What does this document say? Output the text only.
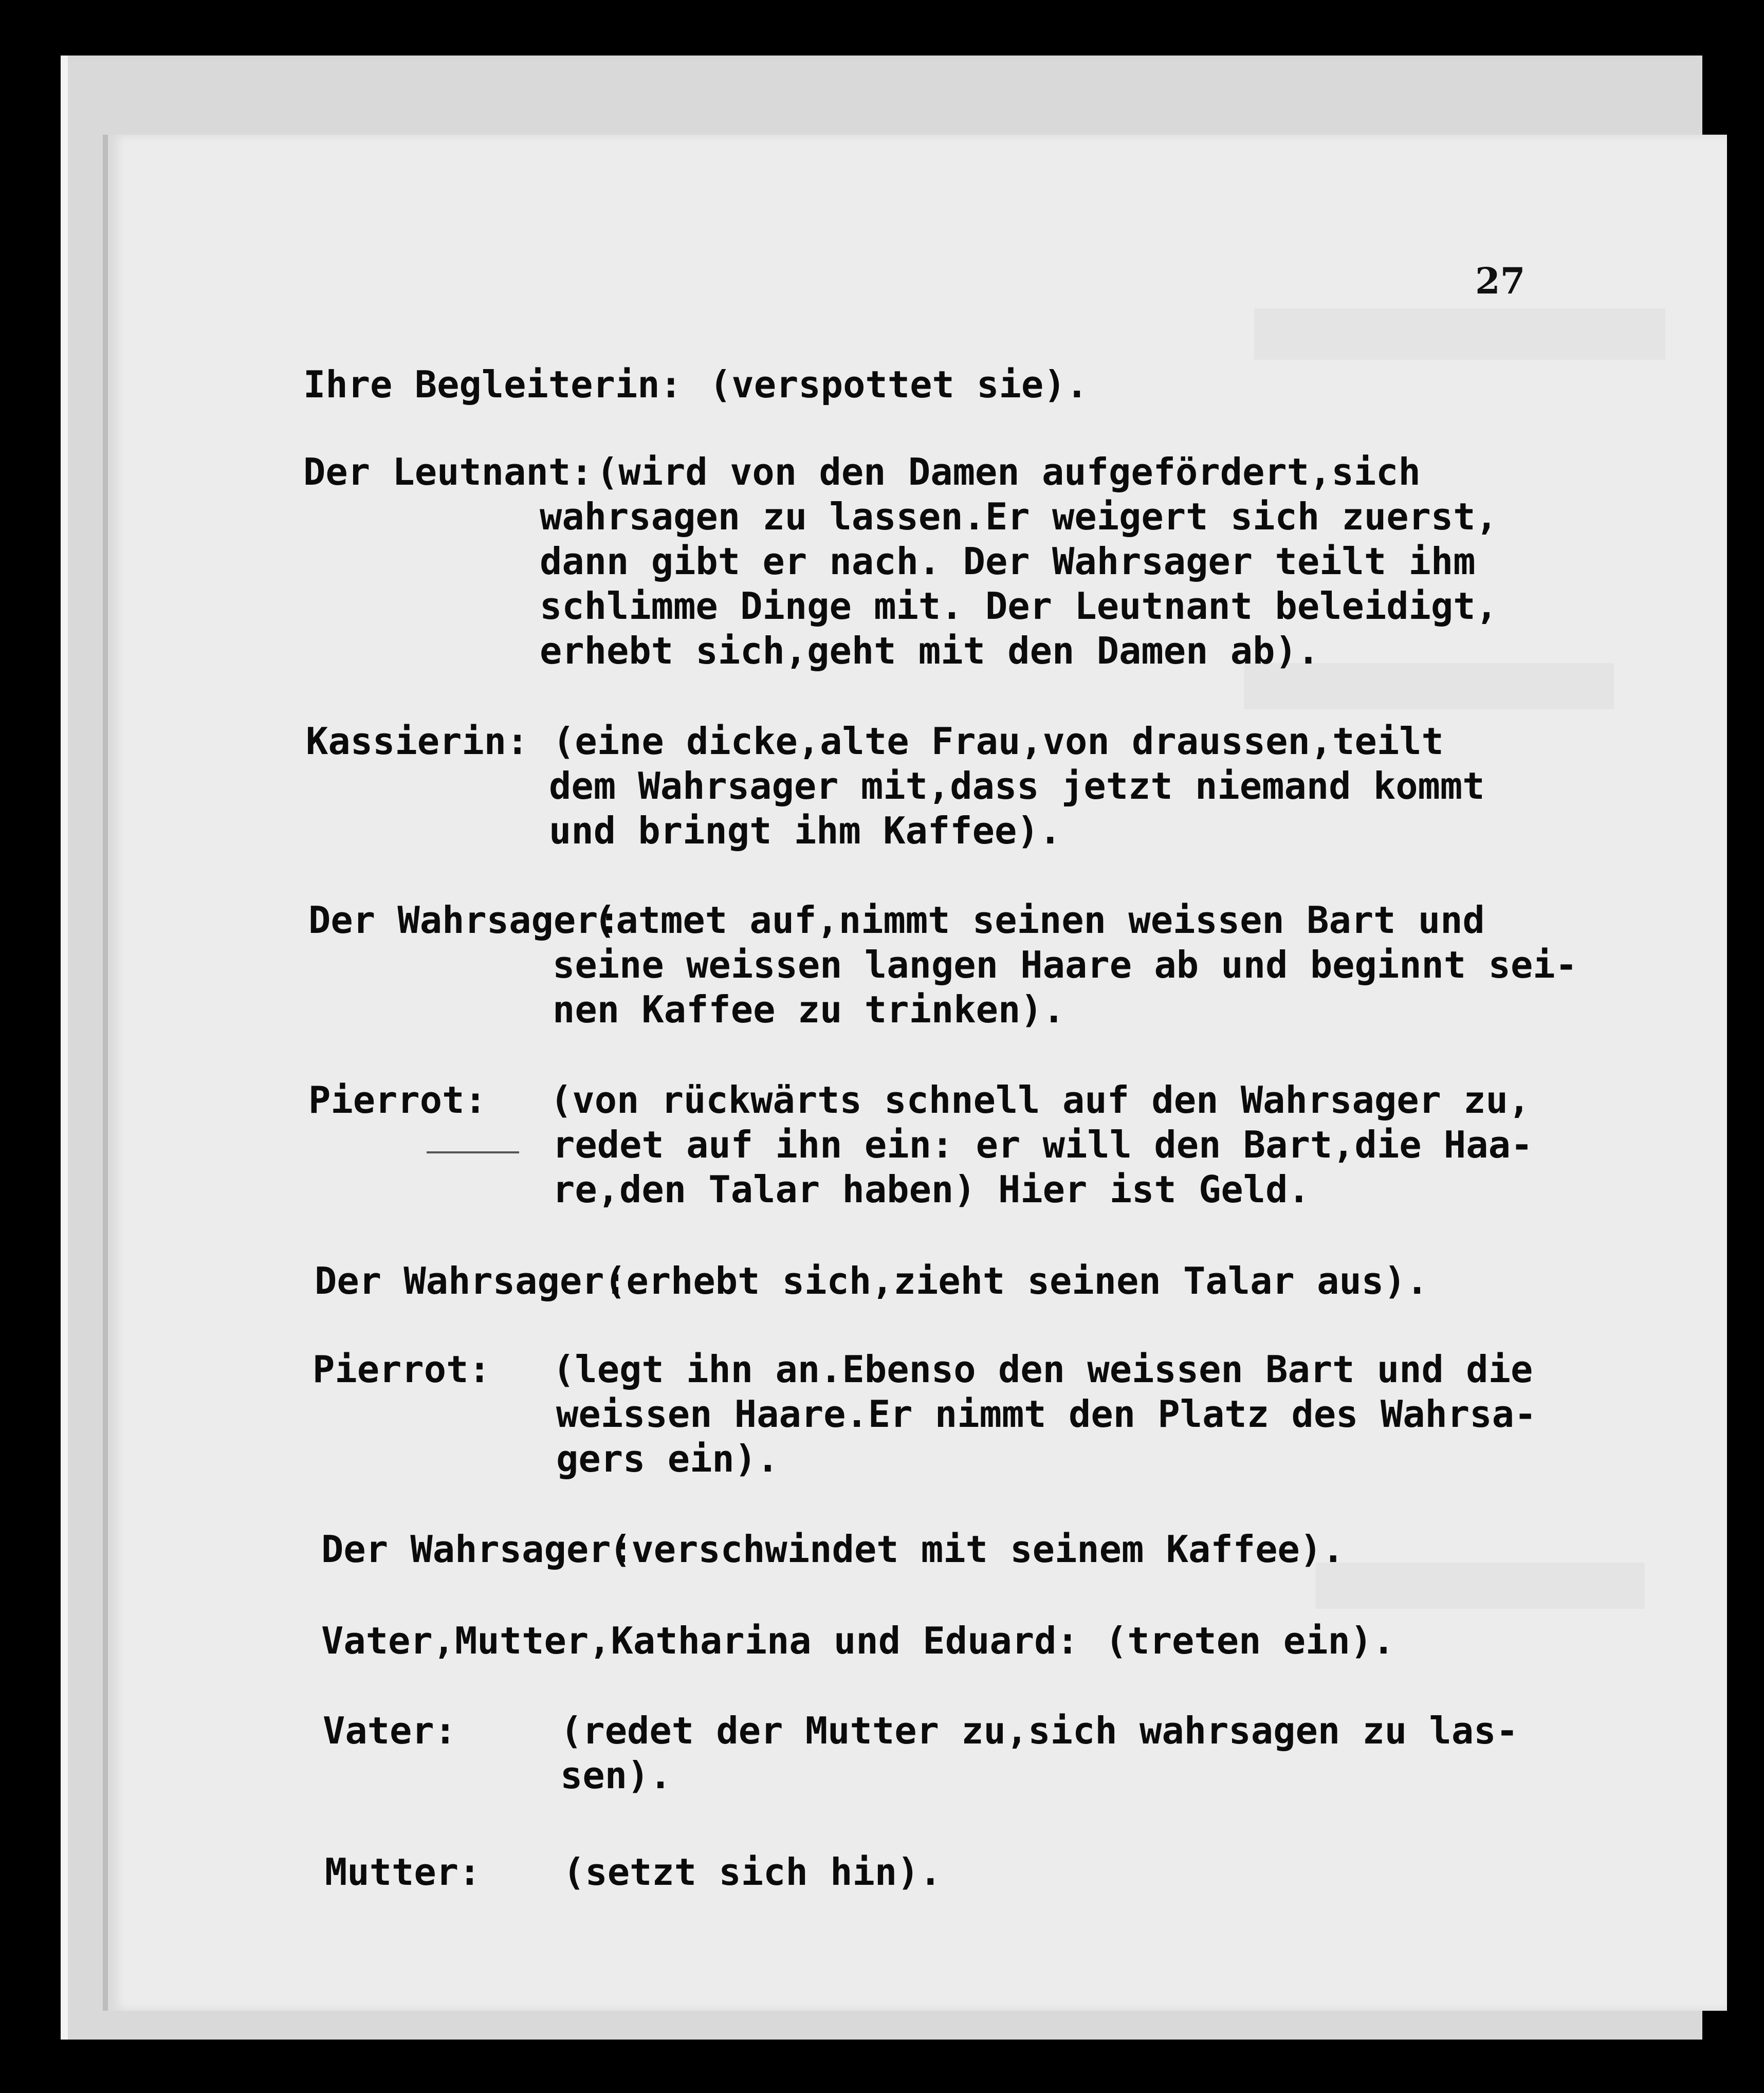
27
Ihre Begleiterin: (verspottet sie).
Der Leutnant: (wird von den Damen aufgefördert,sich
wahrsagen zu lassen.Er weigert sich zuerst,
dann gibt er nach. Der Wahrsager teilt ihm
schlimme Dinge mit. Der Leutnant beleidigt,
erhebt sich,geht mit den Damen ab).
Kassierin: (eine dicke,alte Frau,von draussen,teilt
dem Wahrsager mit,dass jetzt niemand kommt
und bringt ihm Kaffee).
Der Wahrsager:
(atmet auf,nimmt seinen weissen Bart und
seine weissen langen Haare ab und beginnt sei-
nen Kaffee zu trinken).
Pierrot: (von rückwärts schnell auf den Wahrsager zu,
redet auf ihn ein: er will den Bart,die Haa-
re,den Talar haben) Hier ist Geld.
Der Wahrsager:
(erhebt sich,zieht seinen Talar aus).
Pierrot: (legt ihn an.Ebenso den weissen Bart und die
weissen Haare.Er nimmt den Platz des Wahrsa-
gers ein).
Der Wahrsager:
(verschwindet mit seinem Kaffee).
Vater,Mutter,Katharina und Eduard: (treten ein).
Vater:	(redet der Mutter zu,sich wahrsagen zu las-
sen).
Mutter: (setzt sich hin).
